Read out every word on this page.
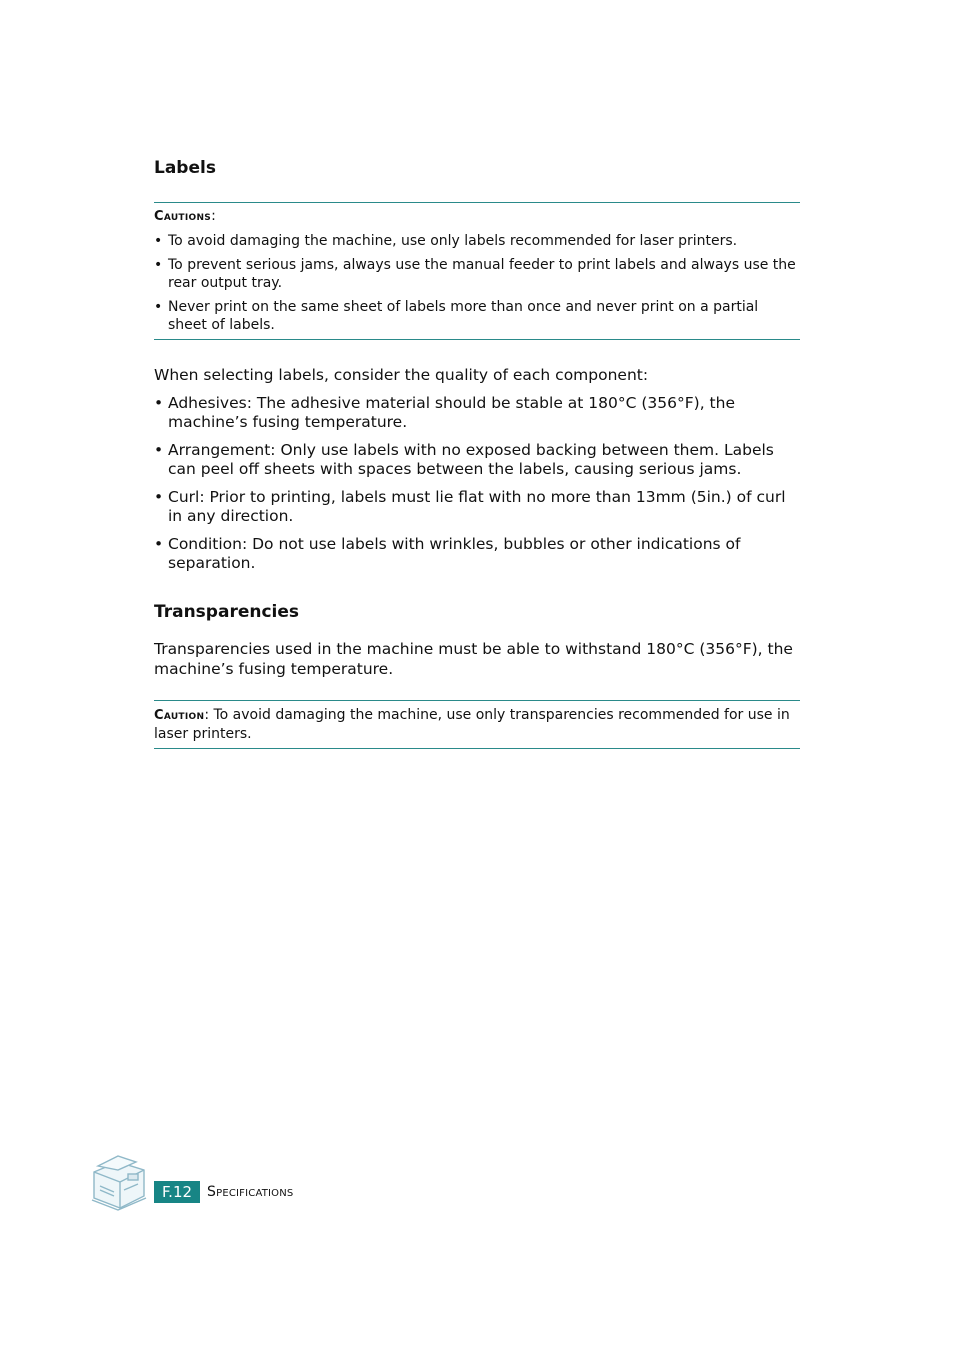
Labels
Cautions:
• To avoid damaging the machine, use only labels recommended for laser printers.
• To prevent serious jams, always use the manual feeder to print labels and always use the rear output tray.
• Never print on the same sheet of labels more than once and never print on a partial sheet of labels.

When selecting labels, consider the quality of each component:

• Adhesives: The adhesive material should be stable at 180°C (356°F), the machine’s fusing temperature.
• Arrangement: Only use labels with no exposed backing between them. Labels can peel off sheets with spaces between the labels, causing serious jams.
• Curl: Prior to printing, labels must lie flat with no more than 13mm (5in.) of curl in any direction.
• Condition: Do not use labels with wrinkles, bubbles or other indications of separation.
Transparencies

Transparencies used in the machine must be able to withstand 180°C (356°F), the machine’s fusing temperature.

Caution: To avoid damaging the machine, use only transparencies recommended for use in laser printers.
F.12	Specifications
